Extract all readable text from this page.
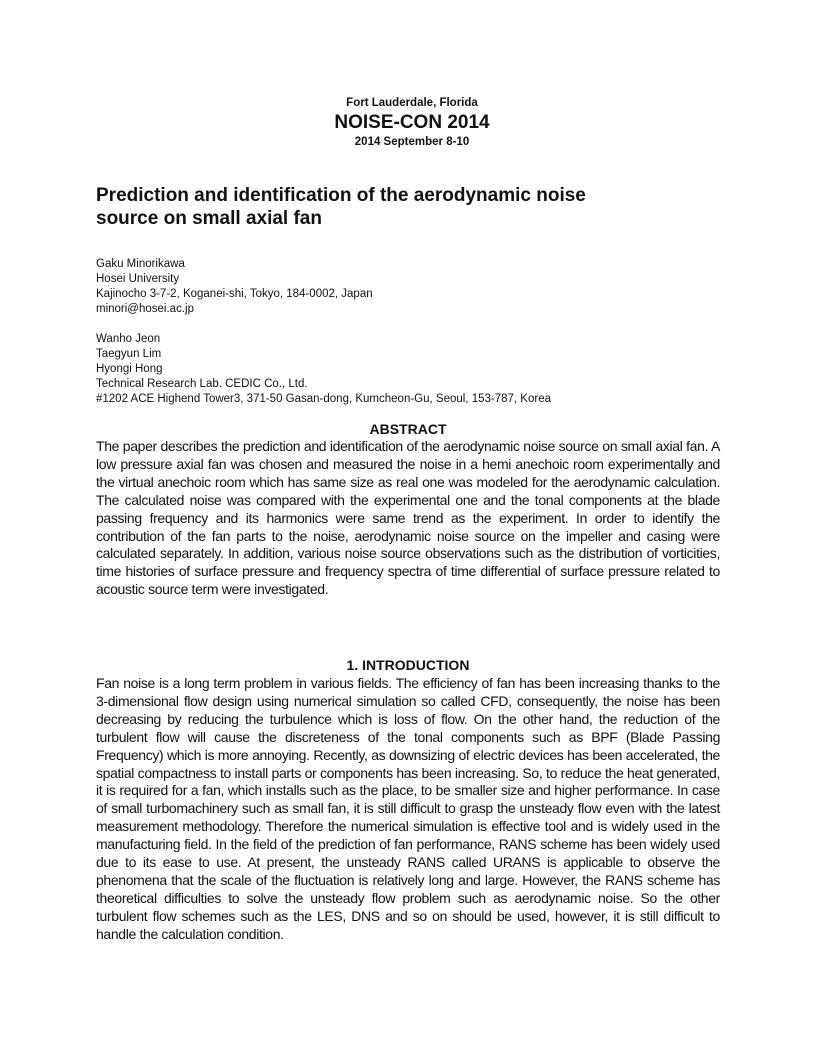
Fort Lauderdale, Florida
NOISE-CON 2014
2014 September 8-10
Prediction and identification of the aerodynamic noise
source on small axial fan
Gaku Minorikawa
Hosei University
Kajinocho 3-7-2, Koganei-shi, Tokyo, 184-0002, Japan
minori@hosei.ac.jp
Wanho Jeon
Taegyun Lim
Hyongi Hong
Technical Research Lab. CEDIC Co., Ltd.
#1202 ACE Highend Tower3, 371-50 Gasan-dong, Kumcheon-Gu, Seoul, 153-787, Korea
ABSTRACT

The paper describes the prediction and identification of the aerodynamic noise source on small axial fan. A low pressure axial fan was chosen and measured the noise in a hemi anechoic room experimentally and the virtual anechoic room which has same size as real one was modeled for the aerodynamic calculation. The calculated noise was compared with the experimental one and the tonal components at the blade passing frequency and its harmonics were same trend as the experiment. In order to identify the contribution of the fan parts to the noise, aerodynamic noise source on the impeller and casing were calculated separately. In addition, various noise source observations such as the distribution of vorticities, time histories of surface pressure and frequency spectra of time differential of surface pressure related to acoustic source term were investigated.

1. INTRODUCTION

Fan noise is a long term problem in various fields. The efficiency of fan has been increasing thanks to the 3-dimensional flow design using numerical simulation so called CFD, consequently, the noise has been decreasing by reducing the turbulence which is loss of flow. On the other hand, the reduction of the turbulent flow will cause the discreteness of the tonal components such as BPF (Blade Passing Frequency) which is more annoying. Recently, as downsizing of electric devices has been accelerated, the spatial compactness to install parts or components has been increasing. So, to reduce the heat generated, it is required for a fan, which installs such as the place, to be smaller size and higher performance. In case of small turbomachinery such as small fan, it is still difficult to grasp the unsteady flow even with the latest measurement methodology. Therefore the numerical simulation is effective tool and is widely used in the manufacturing field. In the field of the prediction of fan performance, RANS scheme has been widely used due to its ease to use. At present, the unsteady RANS called URANS is applicable to observe the phenomena that the scale of the fluctuation is relatively long and large. However, the RANS scheme has theoretical difficulties to solve the unsteady flow problem such as aerodynamic noise. So the other turbulent flow schemes such as the LES, DNS and so on should be used, however, it is still difficult to handle the calculation condition.
